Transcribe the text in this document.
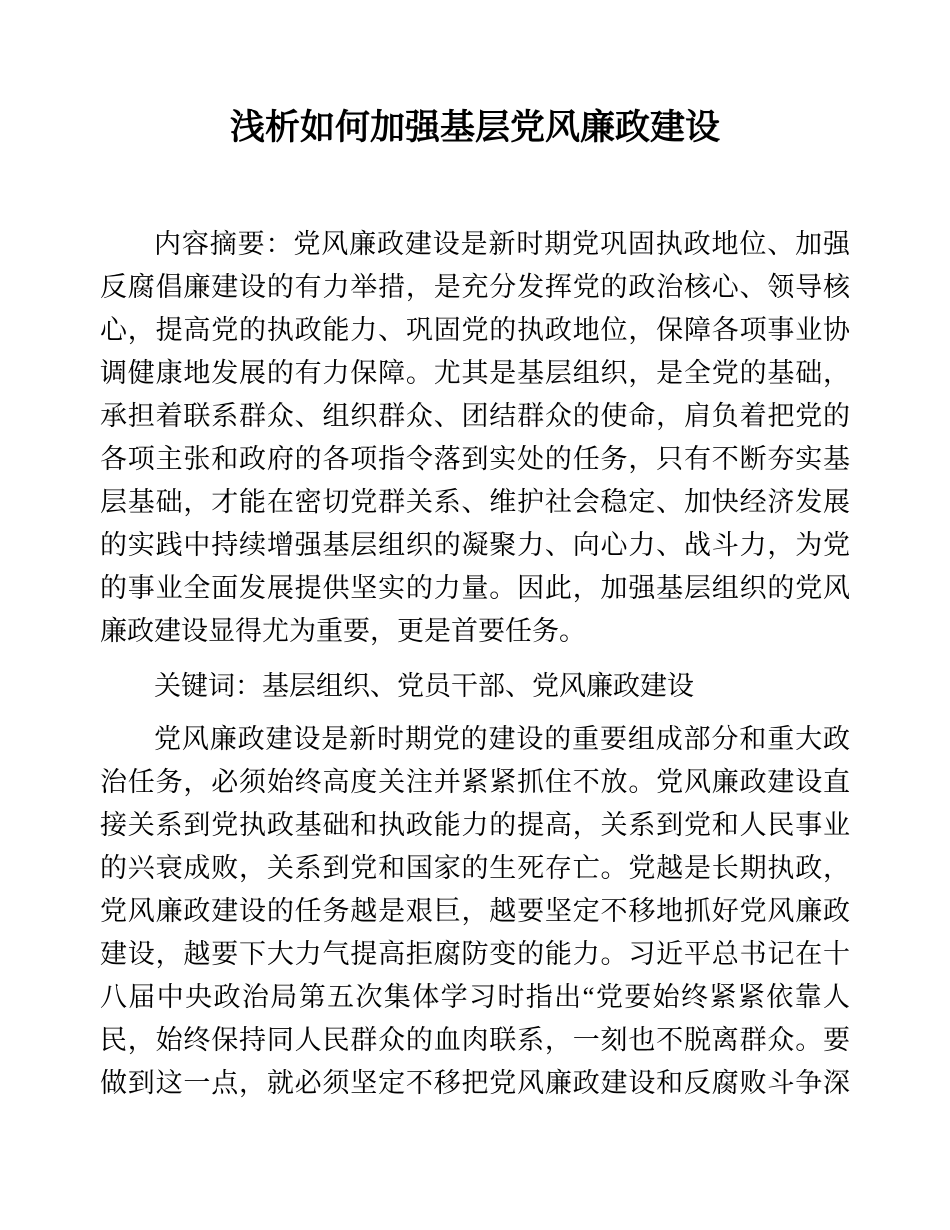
浅析如何加强基层党风廉政建设
内容摘要：党风廉政建设是新时期党巩固执政地位、加强
反腐倡廉建设的有力举措，是充分发挥党的政治核心、领导核
心，提高党的执政能力、巩固党的执政地位，保障各项事业协
调健康地发展的有力保障。尤其是基层组织，是全党的基础，
承担着联系群众、组织群众、团结群众的使命，肩负着把党的
各项主张和政府的各项指令落到实处的任务，只有不断夯实基
层基础，才能在密切党群关系、维护社会稳定、加快经济发展
的实践中持续增强基层组织的凝聚力、向心力、战斗力，为党
的事业全面发展提供坚实的力量。因此，加强基层组织的党风
廉政建设显得尤为重要，更是首要任务。
关键词：基层组织、党员干部、党风廉政建设
党风廉政建设是新时期党的建设的重要组成部分和重大政
治任务，必须始终高度关注并紧紧抓住不放。党风廉政建设直
接关系到党执政基础和执政能力的提高，关系到党和人民事业
的兴衰成败，关系到党和国家的生死存亡。党越是长期执政，
党风廉政建设的任务越是艰巨，越要坚定不移地抓好党风廉政
建设，越要下大力气提高拒腐防变的能力。习近平总书记在十
八届中央政治局第五次集体学习时指出“党要始终紧紧依靠人
民，始终保持同人民群众的血肉联系，一刻也不脱离群众。要
做到这一点，就必须坚定不移把党风廉政建设和反腐败斗争深
